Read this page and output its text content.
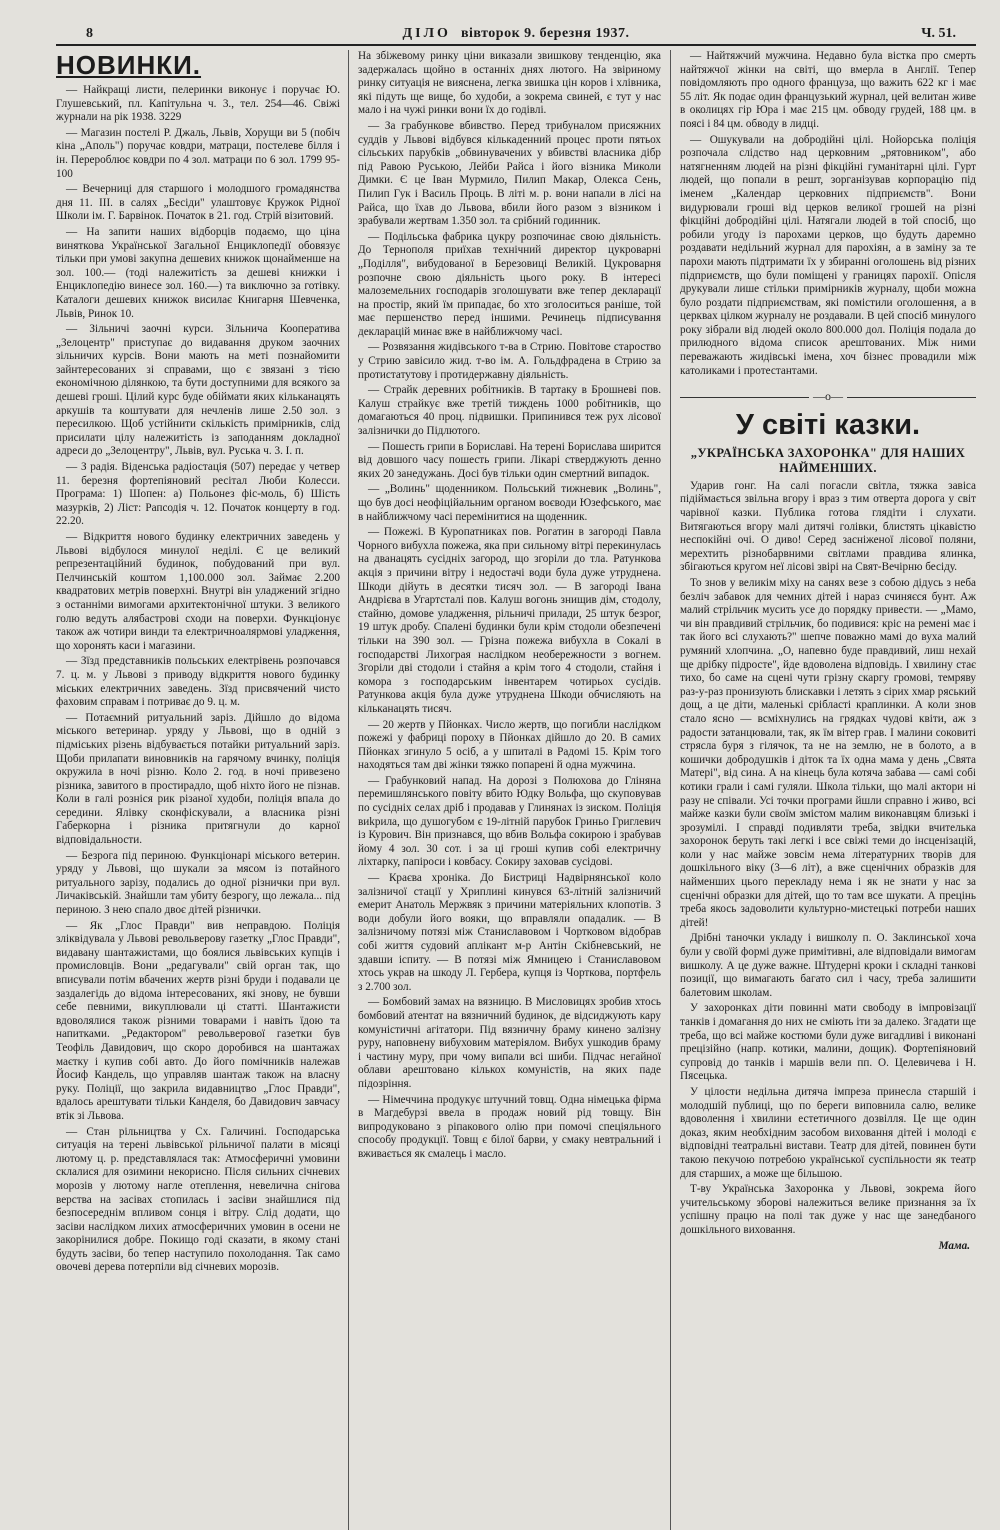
8	ДІЛО вівторок 9. березня 1937.	Ч. 51.
НОВИНКИ.

— Найкращі листи, пелеринки виконує і поручає Ю. Глушевський, пл. Капітульна ч. 3., тел. 254—46. Свіжі журнали на рік 1938. 3229

— Магазин постелі Р. Джаль, Львів, Хорущи ви 5 (побіч кіна „Аполь") поручає ковдри, матраци, постелеве білля і ін. Перероблює ковдри по 4 зол. матраци по 6 зол. 1799 95-100

— Вечерниці для старшого і молодшого громадянства дня 11. III. в салях „Бесіди" улаштовує Кружок Рідної Школи ім. Г. Барвінок. Початок в 21. год. Стрій візитовий.

— На запити наших відборців подаємо, що ціна виняткова Української Загальної Енциклопедії обовязує тільки при умові закупна дешевих книжок щонайменше на зол. 100.— (тоді належитість за дешеві книжки і Енциклопедію винесе зол. 160.—) та виключно за готівку. Каталоги дешевих книжок висилає Книгарня Шевченка, Львів, Ринок 10.

— Зільничі заочні курси. Зільнича Кооператива „Зелоцентр" приступає до видавання друком заочних зільничих курсів. Вони мають на меті познайомити зайнтересованих зі справами, що є звязані з тією економічною ділянкою, та бути доступними для всякого за дешеві гроші. Цілий курс буде обіймати яких кільканацять аркушів та коштувати для нечленів лише 2.50 зол. з пересилкою. Щоб устійнити скількість примірників, слід присилати цілу належитість із заподанням докладної адреси до „Зелоцентру", Львів, вул. Руська ч. 3. І. п.

— З радія. Віденська радіостація (507) передає у четвер 11. березня фортепіяновий ресітал Люби Колесси. Програма: 1) Шопен: а) Польонез фіс-моль, б) Шість мазурків, 2) Ліст: Рапсодія ч. 12. Початок концерту в год. 22.20.

— Відкриття нового будинку електричних заведень у Львові відбулося минулої неділі. Є це великий репрезентаційний будинок, побудований при вул. Пелчинській коштом 1,100.000 зол. Займає 2.200 квадратових метрів поверхні. Внутрі він уладжений згідно з останніми вимогами архитектонічної штуки. З великого голю ведуть алябастрові сходи на поверхи. Функціонує також аж чотири винди та електричноалярмові уладження, що хоронять каси і магазини.

— Зїзд представників польських електрівень розпочався 7. ц. м. у Львові з приводу відкриття нового будинку міських електричних заведень. Зїзд присвячений чисто фаховим справам і потриває до 9. ц. м.

— Потаємний ритуальний заріз. Дійшло до відома міського ветеринар. уряду у Львові, що в одній з підміських різень відбувається потайки ритуальний заріз. Щоби прилапати виновників на гарячому вчинку, поліція окружила в ночі різню. Коло 2. год. в ночі привезено різника, завитого в простирадло, щоб ніхто його не пізнав. Коли в галі розніся рик різаної худоби, поліція впала до середини. Ялівку сконфіскували, а власника різні Габеркорна і різника притягнули до карної відповідальности.

— Безрога під периною. Функціонарі міського ветерин. уряду у Львові, що шукали за мясом із потайного ритуального зарізу, подались до одної різнички при вул. Личаківській. Знайшли там убиту безрогу, що лежала... під периною. З нею спало двоє дітей різнички.

— Як „Глос Правди" вив неправдою. Поліція зліквідувала у Львові револьверову газетку „Глос Правди", видавану шантажистами, що боялися львівських купців і промисловців. Вони „редагували" свій орган так, що вписували потім вбачених жертв різні бруди і подавали це заздалегідь до відома інтересованих, які знову, не бувши себе певними, викуплювали ці статті. Шантажисти вдоволялися також різними товарами і навіть їдою та напитками. „Редактором" револьверової газетки був Теофіль Давидович, що скоро доробився на шантажах маєтку і купив собі авто. До його помічників належав Йосиф Кандель, що управляв шантаж також на власну руку. Поліції, що закрила видавництво „Глос Правди", вдалось арештувати тільки Канделя, бо Давидович завчасу втік зі Львова.

— Стан рільництва у Сх. Галичині. Господарська ситуація на терені львівської рільничої палати в місяці лютому ц. р. представлялася так: Атмосферичні умовини склалися для озимини некорисно. Після сильних січневих морозів у лютому нагле отеплення, невелична снігова верства на засівах стопилась і засіви знайшлися під безпосереднім впливом сонця і вітру. Слід додати, що засіви наслідком лихих атмосферичних умовин в осени не закорінилися добре. Покищо годі сказати, в якому стані будуть засіви, бо тепер наступило похолодання. Так само овочеві дерева потерпіли від січневих морозів.

На збіжевому ринку ціни виказали звишкову тенденцію, яка задержалась щойно в останніх днях лютого. На звіриному ринку ситуація не вияснена, легка звишка цін коров і хлівника, які підуть ще вище, бо худоби, а зокрема свиней, є тут у нас мало і на чужі ринки вони їх до годівлі.

— За грабункове вбивство. Перед трибуналом присяжних суддів у Львові відбувся кількаденний процес проти пятьох сільських парубків „обвинувачених у вбивстві власника дібр під Равою Руською, Лейби Райса і його візника Миколи Димки. Є це Іван Мурмило, Пилип Макар, Олекса Сень, Пилип Гук і Василь Проць. В літі м. р. вони напали в лісі на Райса, що їхав до Львова, вбили його разом з візником і зрабували жертвам 1.350 зол. та срібний годинник.

— Подільська фабрика цукру розпочинає свою діяльність. До Тернополя приїхав технічний директор цукроварні „Поділля", вибудованої в Березовиці Великій. Цукроварня розпочне свою діяльність цього року. В інтересі малоземельних господарів зголошувати вже тепер декларації на простір, який їм припадає, бо хто зголоситься раніше, той має першенство перед іншими. Речинець підписування декларацій минає вже в найближчому часі.

— Розвязання жидівського т-ва в Стрию. Повітове староство у Стрию завісило жид. т-во ім. А. Гольдфрадена в Стрию за протистатутову і протидержавну діяльність.

— Страйк деревних робітників. В тартаку в Брошневі пов. Калуш страйкує вже третій тиждень 1000 робітників, що домагаються 40 проц. підвишки. Припинився теж рух лісової залізнички до Підлютого.

— Пошесть грипи в Бориславі. На терені Борислава ширится від довшого часу пошесть грипи. Лікарі стверджують денно яких 20 занедужань. Досі був тільки один смертний випадок.

— „Волинь" щоденником. Польський тижневик „Волинь", що був досі неофіційальним органом воєводи Юзефського, має в найближчому часі перемінитися на щоденник.

— Пожежі. В Куропатниках пов. Рогатин в загороді Павла Чорного вибухла пожежа, яка при сильному вітрі перекинулась на дванацять сусідніх загород, що згоріли до тла. Ратункова акція з причини вітру і недостачі води була дуже утруднена. Шкоди дійуть в десятки тисяч зол. — В загороді Івана Андрієва в Угартсталі пов. Калуш вогонь знищив дім, стодолу, стайню, домове уладження, рільничі прилади, 25 штук безрог, 19 штук дробу. Спалені будинки були крім стодоли обезпечені тільки на 390 зол. — Грізна пожежа вибухла в Сокалі в господарстві Лихограя наслідком необережности з вогнем. Згоріли дві стодоли і стайня а крім того 4 стодоли, стайня і комора з господарським інвентарем чотирьох сусідів. Ратункова акція була дуже утруднена Шкоди обчисляють на кільканацять тисяч.

— 20 жертв у Пйонках. Число жертв, що погибли наслідком пожежі у фабриці пороху в Пйонках дійшло до 20. В самих Пйонках згинуло 5 осіб, а у шпиталі в Радомі 15. Крім того находяться там дві жінки тяжко попарені й одна мужчина.

— Грабунковий напад. На дорозі з Полюхова до Гліняна перемишлянського повіту вбито Юдку Вольфа, що скуповував по сусідніх селах дріб і продавав у Глинянах із зиском. Поліція виkрила, що душогубом є 19-літній парубок Гриньо Григлевич із Курович. Він признався, що вбив Вольфа сокирою і зрабував йому 4 зол. 30 сот. і за ці гроші купив собі електричну ліхтарку, папіроси і ковбасу. Сокиру заховав сусідові.

— Краєва хроніка. До Бистриці Надвірнянської коло залізничої стації у Хриплині кинувся 63-літній залізничий емерит Анатоль Мержвяк з причини матеріяльних клопотів. З води добули його вояки, що вправляли опадалик. — В залізничому потязі між Станиславовом і Чортковом відобрав собі життя судовий аплікант м-р Антін Скібневський, не здавши іспиту. — В потязі між Ямницею і Станиславовом хтось украв на шкоду Л. Гербера, купця із Чорткова, портфель з 2.700 зол.

— Бомбовий замах на вязницю. В Мисловицях зробив хтось бомбовий атентат на вязничний будинок, де відсиджують кару комуністичні агітатори. Під вязничну браму кинено залізну руру, наповнену вибуховим матеріялом. Вибух ушкодив браму і частину муру, при чому випали всі шиби. Підчас негайної облави арештовано кількох комуністів, на яких паде підозріння.

— Німеччина продукує штучний товщ. Одна німецька фірма в Магдебурзі ввела в продаж новий рід товщу. Він випродуковано з ріпакового олію при помочі спеціяльного способу продукції. Товщ є білої барви, у смаку невтральний і вживається як смалець і масло.

— Найтяжчий мужчина. Недавно була вістка про смерть найтяжчої жінки на світі, що вмерла в Англії. Тепер повідомляють про одного француза, що важить 622 кг і має 55 літ. Як подає один французький журнал, цей велитан живе в околицях гір Юра і має 215 цм. обводу грудей, 188 цм. в поясі і 84 цм. обводу в лидці.

— Ошукували на добродійні цілі. Нойорська поліція розпочала слідство над церковним „рятовником", або натягненням людей на різні фікційні гуманітарні цілі. Гурт людей, що попали в решт, зорганізував корпорацію під іменем „Календар церковних підприємств". Вони видурювали гроші від церков великої грошей на різні фікційні добродійні цілі. Натягали людей в той спосіб, що робили угоду із парохами церков, що будуть даремно роздавати недільний журнал для парохіян, а в заміну за те парохи мають підтримати їх у збиранні оголошень від різних підприємств, що були поміщені у границях парохії. Опісля друкували лише стільки примірників журналу, щоби можна було роздати підприємствам, які помістили оголошення, а в церквах цілком журналу не роздавали. В цей спосіб минулого року зібрали від людей около 800.000 дол. Поліція подала до прилюдного відома список арештованих. Між ними переважають жидівські імена, хоч бізнес провадили між католиками і протестантами.

—o—
У світі казки.
„УКРАЇНСЬКА ЗАХОРОНКА" ДЛЯ НАШИХ НАЙМЕНШИХ.

Ударив гонг. На салі погасли світла, тяжка завіса підіймається звільна вгору і враз з тим отверта дорога у світ чарівної казки. Публика готова глядіти і слухати. Витягаються вгору малі дитячі голівки, блистять цікавістю неспокійні очі. О диво! Серед засніженої лісової поляни, мерехтить різнобарвними світлами правдива ялинка, збігаються кругом неї лісові звірі на Свят-Вечірню бесіду.

То знов у великім міху на санях везе з собою дідусь з неба безліч забавок для чемних дітей і нараз счиняєся бунт. Аж малий стрільчик мусить усе до порядку привести. — „Мамо, чи він правдивий стрільчик, бо подивися: кріс на ремені має і так його всі слухають?" шепче поважно мамі до вуха малий румяний хлопчина. „О, напевно буде правдивий, лиш нехай ще дрібку підросте", йде вдоволена відповідь. І хвилину стає тихо, бо саме на сцені чути грізну скаргу громові, темряву раз-у-раз пронизують блискавки і летять з сірих хмар ряський дощ, а це діти, маленькі срібласті краплинки. А коли знов стало ясно — всміхнулись на грядках чудові квіти, аж з радости затанцювали, так, як їм вітер грав. І малини соковиті стрясла буря з гілячок, та не на землю, не в болото, а в кошички добродушків і діток та їх одна мама у день „Свята Матері", від сина. А на кінець була котяча забава — самі собі котики грали і самі гуляли. Школа тільки, що малі актори ні разу не співали. Усі точки програми йшли справно і живо, всі майже казки були своїм змістом малим виконавцям близькі і зрозумілі. І справді подивляти треба, звідки вчителька захоронок беруть такі легкі і все свіжі теми до інсценізацій, коли у нас майже зовсім нема літературних творів для дошкільного віку (3—6 літ), а вже сценічних образків для найменших цього перекладу нема і як не знати у нас за сценічні образки для дітей, що то там все шукати. А прецінь треба якось задоволити культурно-мистецькі потреби наших дітей!

Дрібні таночки укладу і вишколу п. О. Заклинської хоча були у своїй формі дуже примітивні, але відповідали вимогам вишколу. А це дуже важне. Штудерні кроки і складні танкові позиції, що вимагають багато сил і часу, треба залишити балетовим школам.

У захоронках діти повинні мати свободу в імпровізації танків і домагання до них не сміють іти за далеко. Згадати ще треба, що всі майже костюми були дуже вигадливі і виконані прецізійно (напр. котики, малини, дощик). Фортепіяновий супровід до танків і маршів вели пп. О. Целевичева і Н. Пясецька.

У цілости недільна дитяча імпреза принесла старшій і молодшій публиці, що по береги виповнила салю, велике вдоволення і хвилини естетичного дозвілля. Це ще один доказ, яким необхідним засобом виховання дітей і молоді є відповідні театральні вистави. Театр для дітей, повинен бути такою пекучою потребою української суспільности як театр для старших, а може ще більшою.

Т-ву Українська Захоронка у Львові, зокрема його учительському зборові належиться велике признання за їх успішну працю на полі так дуже у нас ще занедбаного дошкільного виховання.

Мама.
